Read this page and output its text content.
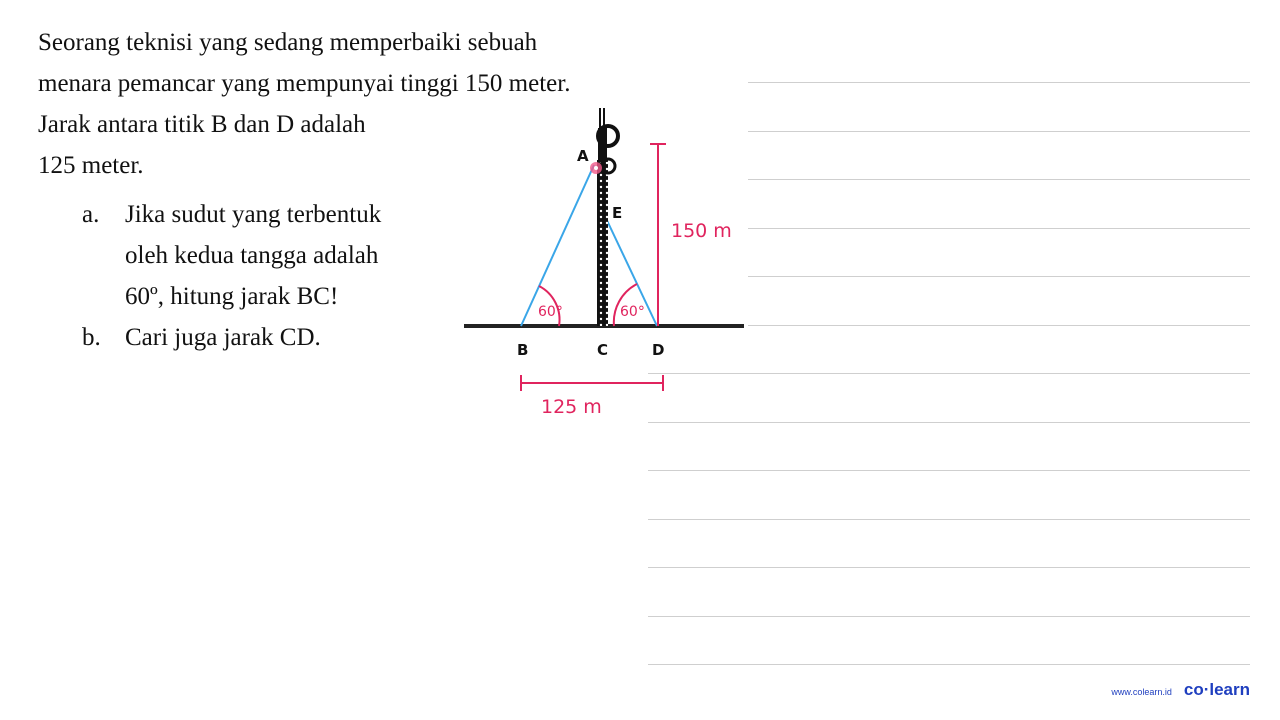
Seorang teknisi yang sedang memperbaiki sebuah
menara pemancar yang mempunyai tinggi 150 meter.
Jarak antara titik B dan D adalah
125 meter.

a.	Jika sudut yang terbentuk
oleh kedua tangga adalah
60º, hitung jarak BC!
b. Cari juga jarak CD.
A
E
B	C	D
150 m
125 m
60°	60°
www.colearn.id co·learn
